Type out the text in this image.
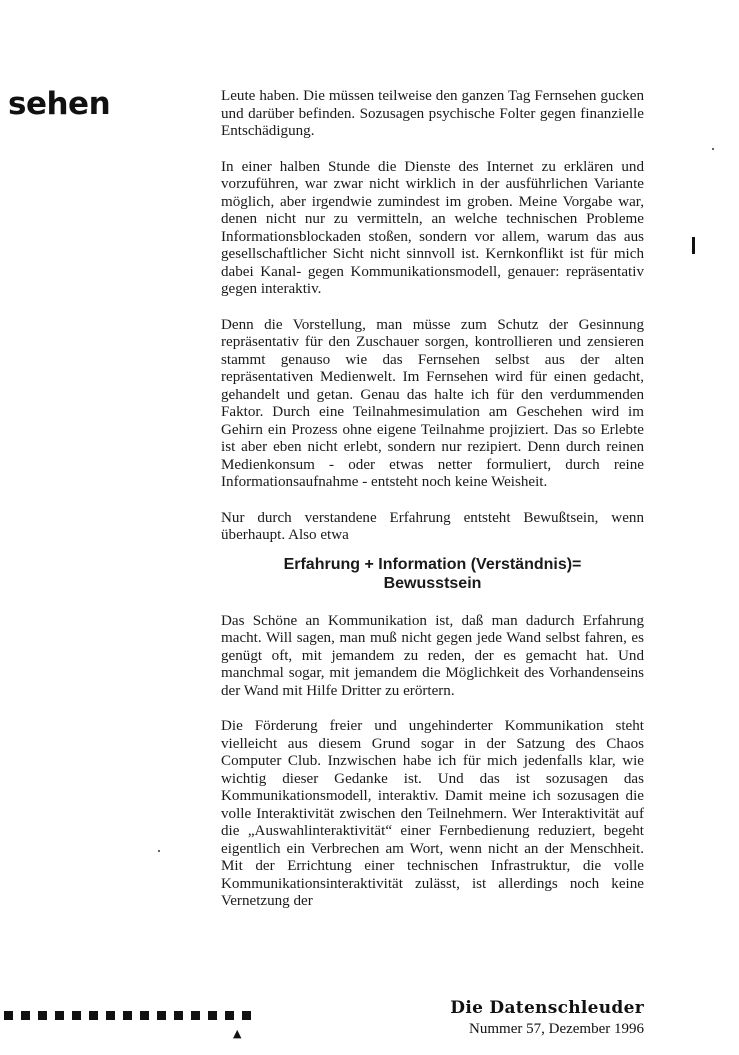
sehen	Leute haben. Die müssen teilweise den ganzen Tag Fernsehen gucken und darüber befinden. Sozusagen psychische Folter gegen finanzielle Entschädigung.

In einer halben Stunde die Dienste des Internet zu erklären und vorzuführen, war zwar nicht wirklich in der ausführlichen Variante möglich, aber irgendwie zumindest im groben. Meine Vorgabe war, denen nicht nur zu vermitteln, an welche technischen Probleme Informationsblockaden stoßen, sondern vor allem, warum das aus gesellschaftlicher Sicht nicht sinnvoll ist. Kernkonflikt ist für mich dabei Kanal- gegen Kommunikationsmodell, genauer: repräsentativ gegen interaktiv.

Denn die Vorstellung, man müsse zum Schutz der Gesinnung repräsentativ für den Zuschauer sorgen, kontrollieren und zensieren stammt genauso wie das Fernsehen selbst aus der alten repräsentativen Medienwelt. Im Fernsehen wird für einen gedacht, gehandelt und getan. Genau das halte ich für den verdummenden Faktor. Durch eine Teilnahmesimulation am Geschehen wird im Gehirn ein Prozess ohne eigene Teilnahme projiziert. Das so Erlebte ist aber eben nicht erlebt, sondern nur rezipiert. Denn durch reinen Medienkonsum - oder etwas netter formuliert, durch reine Informationsaufnahme - entsteht noch keine Weisheit.

Nur durch verstandene Erfahrung entsteht Bewußtsein, wenn überhaupt. Also etwa

Erfahrung + Information (Verständnis)=
Bewusstsein

Das Schöne an Kommunikation ist, daß man dadurch Erfahrung macht. Will sagen, man muß nicht gegen jede Wand selbst fahren, es genügt oft, mit jemandem zu reden, der es gemacht hat. Und manchmal sogar, mit jemandem die Möglichkeit des Vorhandenseins der Wand mit Hilfe Dritter zu erörtern.

Die Förderung freier und ungehinderter Kommunikation steht vielleicht aus diesem Grund sogar in der Satzung des Chaos Computer Club. Inzwischen habe ich für mich jedenfalls klar, wie wichtig dieser Gedanke ist. Und das ist sozusagen das Kommunikationsmodell, interaktiv. Damit meine ich sozusagen die volle Interaktivität zwischen den Teilnehmern. Wer Interaktivität auf die „Auswahlinteraktivität“ einer Fernbedienung reduziert, begeht eigentlich ein Verbrechen am Wort, wenn nicht an der Menschheit. Mit der Errichtung einer technischen Infrastruktur, die volle Kommunikationsinteraktivität zulässt, ist allerdings noch keine Vernetzung der

▲
Die Datenschleuder
Nummer 57, Dezember 1996
